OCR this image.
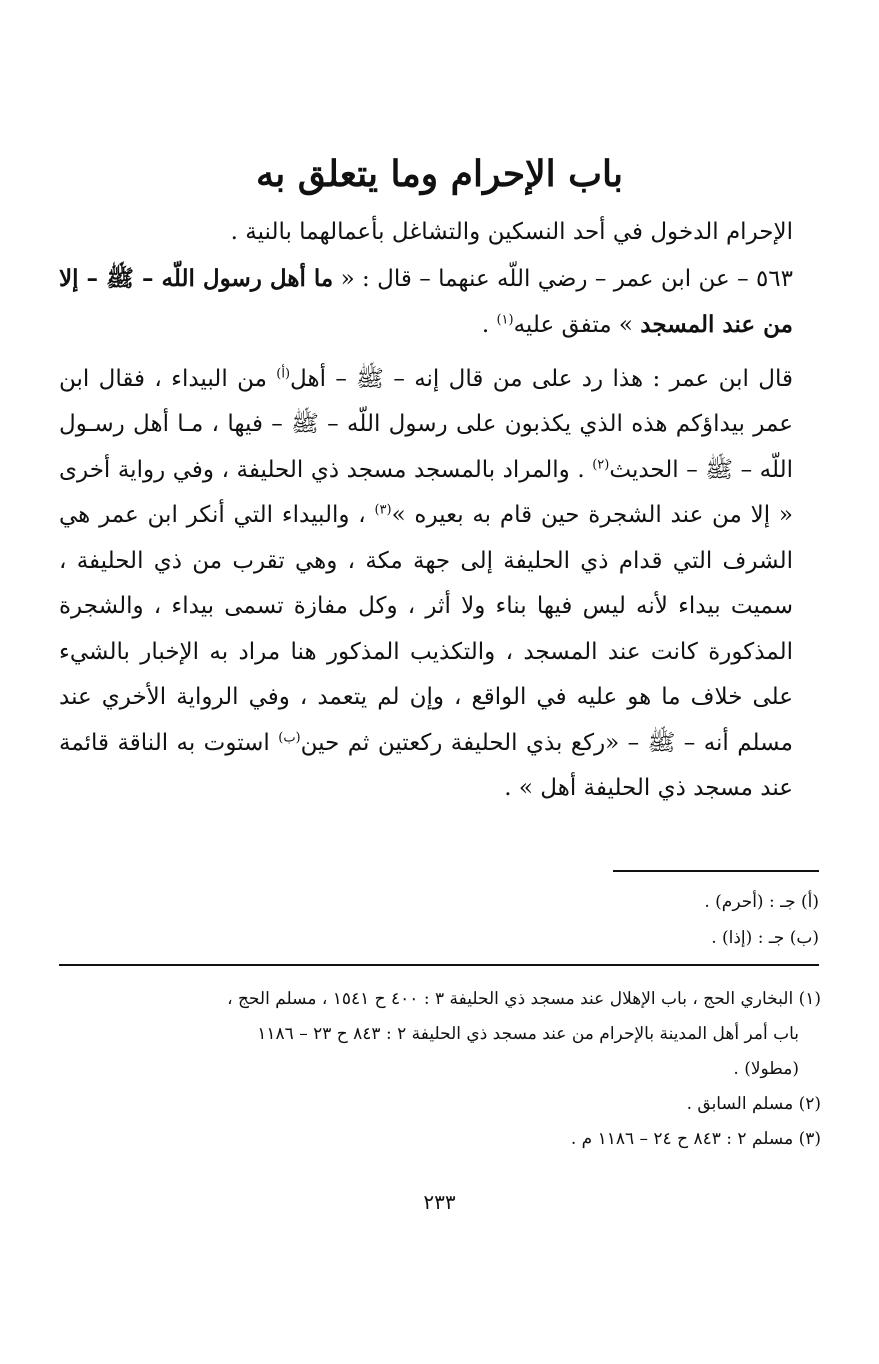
باب الإحرام وما يتعلق به

الإحرام الدخول في أحد النسكين والتشاغل بأعمالهما بالنية .

٥٦٣ – عن ابن عمر – رضي اللّه عنهما – قال : « ما أهل رسول اللّه – ﷺ – إلا من عند المسجد » متفق عليه$^{(١)}$ .

قال ابن عمر : هذا رد على من قال إنه – ﷺ – أهل$^{(أ)}$ من البيداء ، فقال ابن عمر بيداؤكم هذه الذي يكذبون على رسول اللّه – ﷺ – فيها ، مـا أهل رسـول اللّه – ﷺ – الحديث$^{(٢)}$ . والمراد بالمسجد مسجد ذي الحليفة ، وفي رواية أخرى « إلا من عند الشجرة حين قام به بعيره »$^{(٣)}$ ، والبيداء التي أنكر ابن عمر هي الشرف التي قدام ذي الحليفة إلى جهة مكة ، وهي تقرب من ذي الحليفة ، سميت بيداء لأنه ليس فيها بناء ولا أثر ، وكل مفازة تسمى بيداء ، والشجرة المذكورة كانت عند المسجد ، والتكذيب المذكور هنا مراد به الإخبار بالشيء على خلاف ما هو عليه في الواقع ، وإن لم يتعمد ، وفي الرواية الأخري عند مسلم أنه – ﷺ – «ركع بذي الحليفة ركعتين ثم حين$^{(ب)}$ استوت به الناقة قائمة عند مسجد ذي الحليفة أهل » .

(أ) جـ : (أحرم) .
(ب) جـ : (إذا) .
(١) البخاري الحج ، باب الإهلال عند مسجد ذي الحليفة ٣ : ٤٠٠ ح ١٥٤١ ، مسلم الحج ،
باب أمر أهل المدينة بالإحرام من عند مسجد ذي الحليفة ٢ : ٨٤٣ ح ٢٣ – ١١٨٦
(مطولا) .
(٢) مسلم السابق .
(٣) مسلم ٢ : ٨٤٣ ح ٢٤ – ١١٨٦ م .
٢٣٣
